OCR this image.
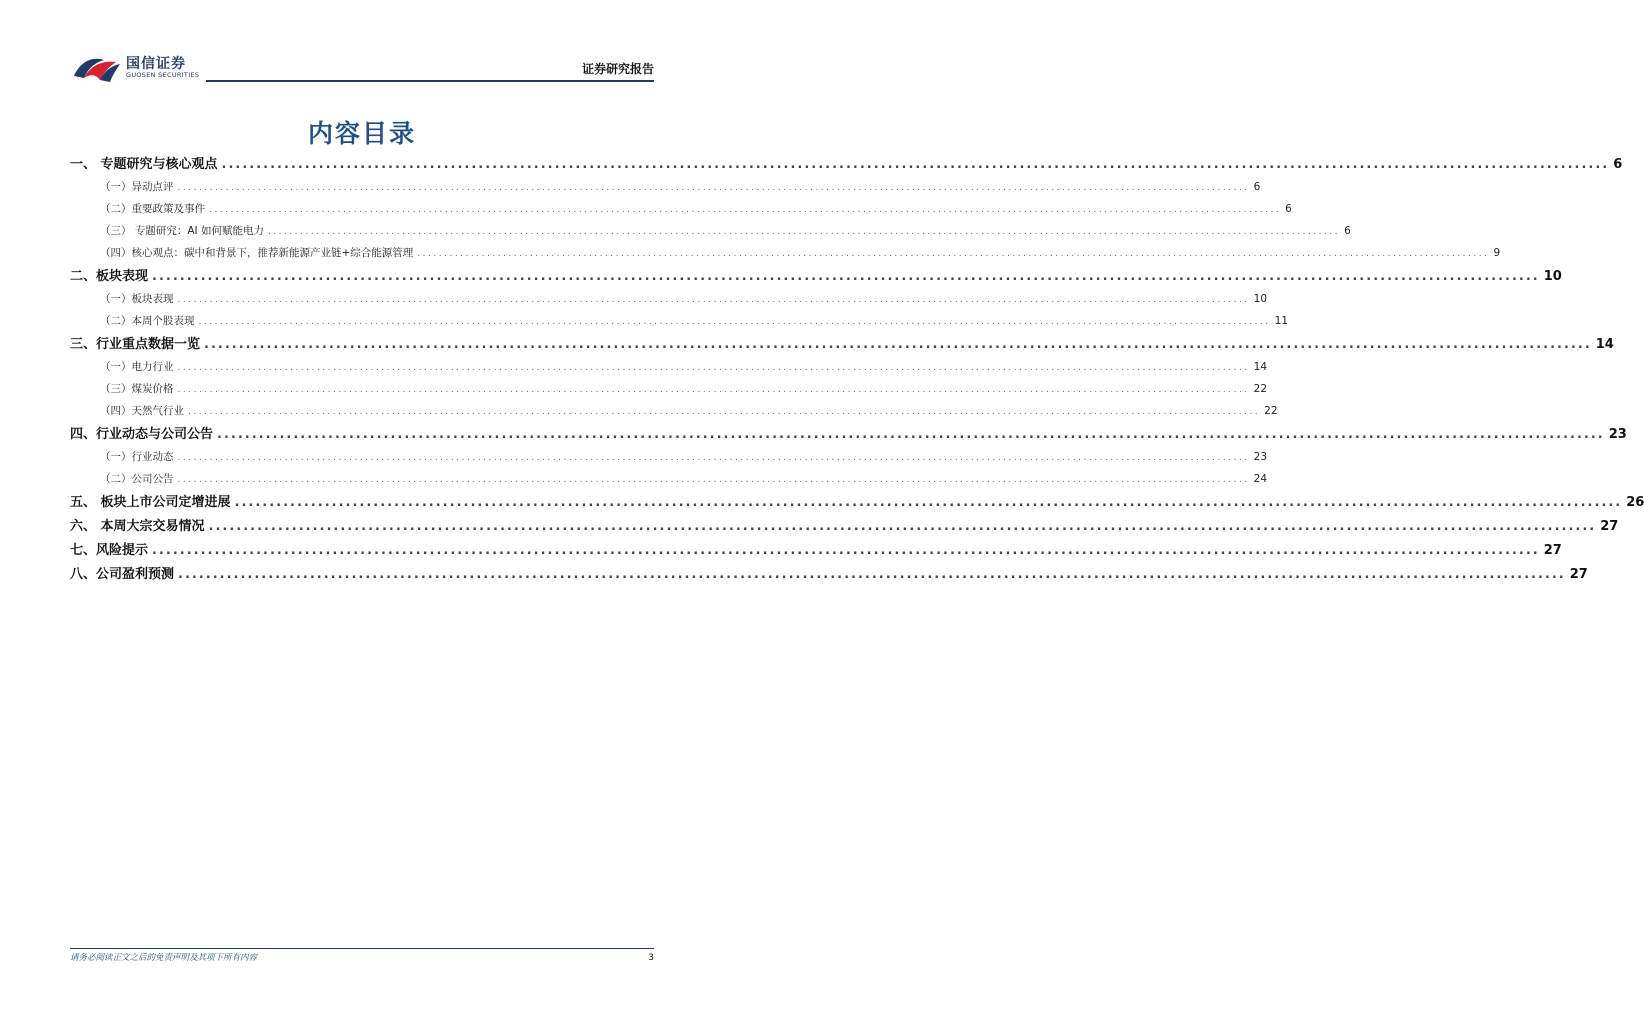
国信证券
GUOSEN SECURITIES	证券研究报告
内容目录
一、 专题研究与核心观点 ........................................................................................................................................................................................................ 6
（一）异动点评 ........................................................................................................................................................................................................ 6
（二）重要政策及事件 ........................................................................................................................................................................................................ 6
（三） 专题研究：AI 如何赋能电力 ........................................................................................................................................................................................................ 6
（四）核心观点：碳中和背景下，推荐新能源产业链+综合能源管理 ........................................................................................................................................................................................................ 9
二、板块表现 ........................................................................................................................................................................................................ 10
（一）板块表现 ........................................................................................................................................................................................................ 10
（二）本周个股表现 ........................................................................................................................................................................................................ 11
三、行业重点数据一览 ........................................................................................................................................................................................................ 14
（一）电力行业 ........................................................................................................................................................................................................ 14
（三）煤炭价格 ........................................................................................................................................................................................................ 22
（四）天然气行业 ........................................................................................................................................................................................................ 22
四、行业动态与公司公告 ........................................................................................................................................................................................................ 23
（一）行业动态 ........................................................................................................................................................................................................ 23
（二）公司公告 ........................................................................................................................................................................................................ 24
五、 板块上市公司定增进展 ........................................................................................................................................................................................................ 26
六、 本周大宗交易情况 ........................................................................................................................................................................................................ 27
七、风险提示 ........................................................................................................................................................................................................ 27
八、公司盈利预测 ........................................................................................................................................................................................................ 27
请务必阅读正文之后的免责声明及其项下所有内容	3
